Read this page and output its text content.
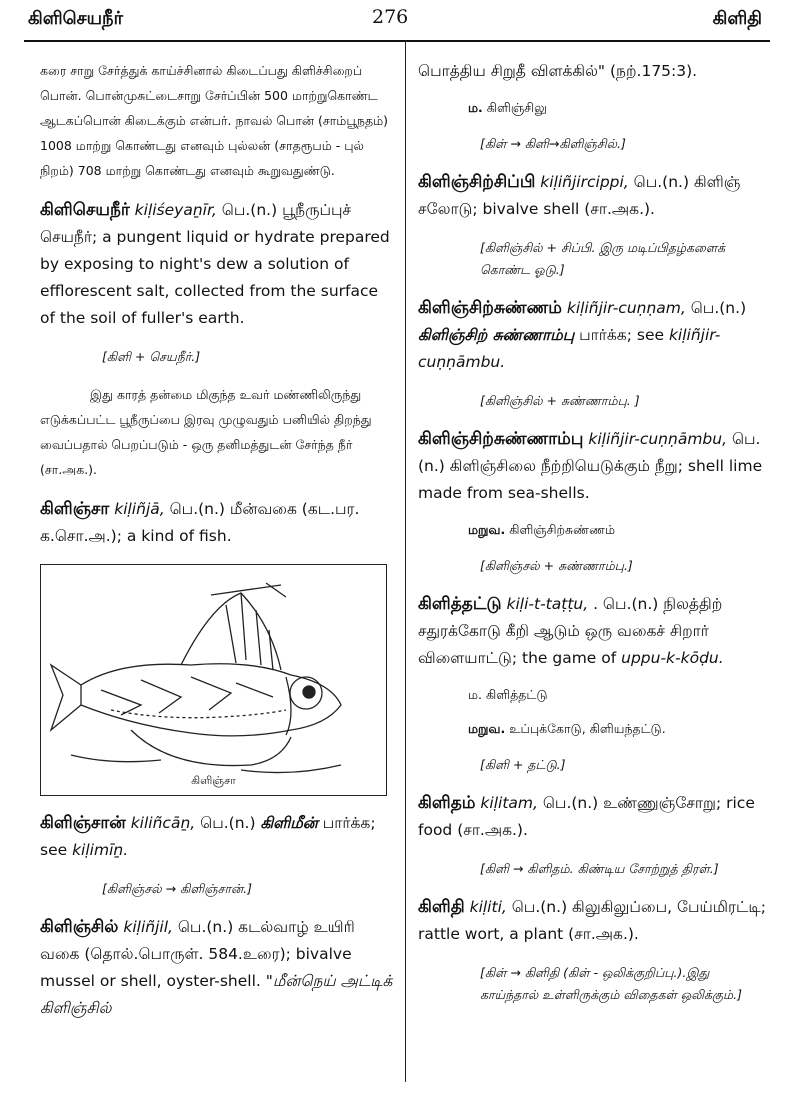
கிளிசெயநீர்	276	கிளிதி

கரை சாறு சேர்த்துக் காய்ச்சினால் கிடைப்பது கிளிச்சிறைப் பொன். பொன்முசுட்டைசாறு சேர்ப்பின் 500 மாற்றுகொண்ட ஆடகப்பொன் கிடைக்கும் என்பர். நாவல் பொன் (சாம்பூநதம்) 1008 மாற்று கொண்டது எனவும் புல்லன் (சாதரூபம் - புல் நிறம்) 708 மாற்று கொண்டது எனவும் கூறுவதுண்டு.

கிளிசெயநீர் kiḷiśeyaṉīr, பெ.(n.) பூநீருப்புச் செயநீர்; a pungent liquid or hydrate prepared by exposing to night's dew a solution of efflorescent salt, collected from the surface of the soil of fuller's earth.

[கிளி + செயநீர்.]

இது காரத் தன்மை மிகுந்த உவர் மண்ணிலிருந்து எடுக்கப்பட்ட பூநீருப்பை இரவு முழுவதும் பனியில் திறந்து வைப்பதால் பெறப்படும் - ஒரு தனிமத்துடன் சேர்ந்த நீர் (சா.அக.).

கிளிஞ்சா kiḷiñjā, பெ.(n.) மீன்வகை (கட.பர. க.சொ.அ.); a kind of fish.

கிளிஞ்சா

கிளிஞ்சான் kiliñcāṉ, பெ.(n.) கிளிமீன் பார்க்க; see kiḷimīṉ.

[கிளிஞ்சல் → கிளிஞ்சான்.]

கிளிஞ்சில் kiḷiñjil, பெ.(n.) கடல்வாழ் உயிரி வகை (தொல்.பொருள். 584.உரை); bivalve mussel or shell, oyster-shell. "மீன்நெய் அட்டிக் கிளிஞ்சில்

பொத்திய சிறுதீ விளக்கில்" (நற்.175:3).

ம. கிளிஞ்சிலு

[கிள் → கிளி→கிளிஞ்சில்.]

கிளிஞ்சிற்சிப்பி kiḷiñjircippi, பெ.(n.) கிளிஞ் சலோடு; bivalve shell (சா.அக.).

[கிளிஞ்சில் + சிப்பி. இரு மடிப்பிதழ்களைக் கொண்ட ஓடு.]

கிளிஞ்சிற்சுண்ணம் kiḷiñjir-cuṇṇam, பெ.(n.) கிளிஞ்சிற் சுண்ணாம்பு பார்க்க; see kiḷiñjir-cuṇṇāmbu.

[கிளிஞ்சில் + சுண்ணாம்பு. ]

கிளிஞ்சிற்சுண்ணாம்பு kiḷiñjir-cuṇṇāmbu, பெ.(n.) கிளிஞ்சிலை நீற்றியெடுக்கும் நீறு; shell lime made from sea-shells.

மறுவ. கிளிஞ்சிற்சுண்ணம்

[கிளிஞ்சல் + சுண்ணாம்பு.]

கிளித்தட்டு kiḷi-t-taṭṭu, . பெ.(n.) நிலத்திற் சதுரக்கோடு கீறி ஆடும் ஒரு வகைச் சிறார் விளையாட்டு; the game of uppu-k-kōḍu.

ம. கிளித்தட்டு

மறுவ. உப்புக்கோடு, கிளியந்தட்டு.

[கிளி + தட்டு.]

கிளிதம் kiḷitam, பெ.(n.) உண்ணுஞ்சோறு; rice food (சா.அக.).

[கிளி → கிளிதம். கிண்டிய சோற்றுத் திரள்.]

கிளிதி kiḷiti, பெ.(n.) கிலுகிலுப்பை, பேய்மிரட்டி; rattle wort, a plant (சா.அக.).

[கிள் → கிளிதி (கிள் - ஒலிக்குறிப்பு.).இது காய்ந்தால் உள்ளிருக்கும் விதைகள் ஒலிக்கும்.]
